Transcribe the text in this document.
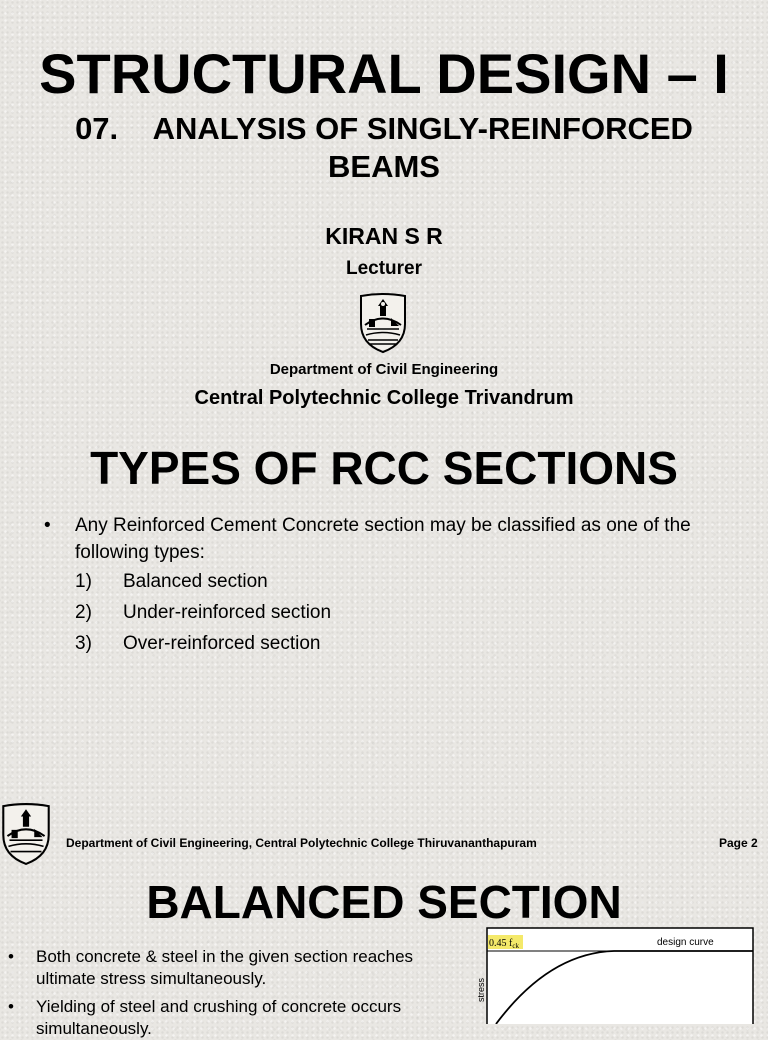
STRUCTURAL DESIGN – I
07. ANALYSIS OF SINGLY-REINFORCED
BEAMS
KIRAN S R
Lecturer
Department of Civil Engineering
Central Polytechnic College Trivandrum
TYPES OF RCC SECTIONS
• Any Reinforced Cement Concrete section may be classified as one of the following types:
1) Balanced section
2) Under-reinforced section
3) Over-reinforced section
Department of Civil Engineering, Central Polytechnic College Thiruvananthapuram	Page 2
BALANCED SECTION
• Both concrete & steel in the given section reaches
ultimate stress simultaneously.
• Yielding of steel and crushing of concrete occurs
simultaneously.
stress
0.45 $f_{ck}$	design curve
